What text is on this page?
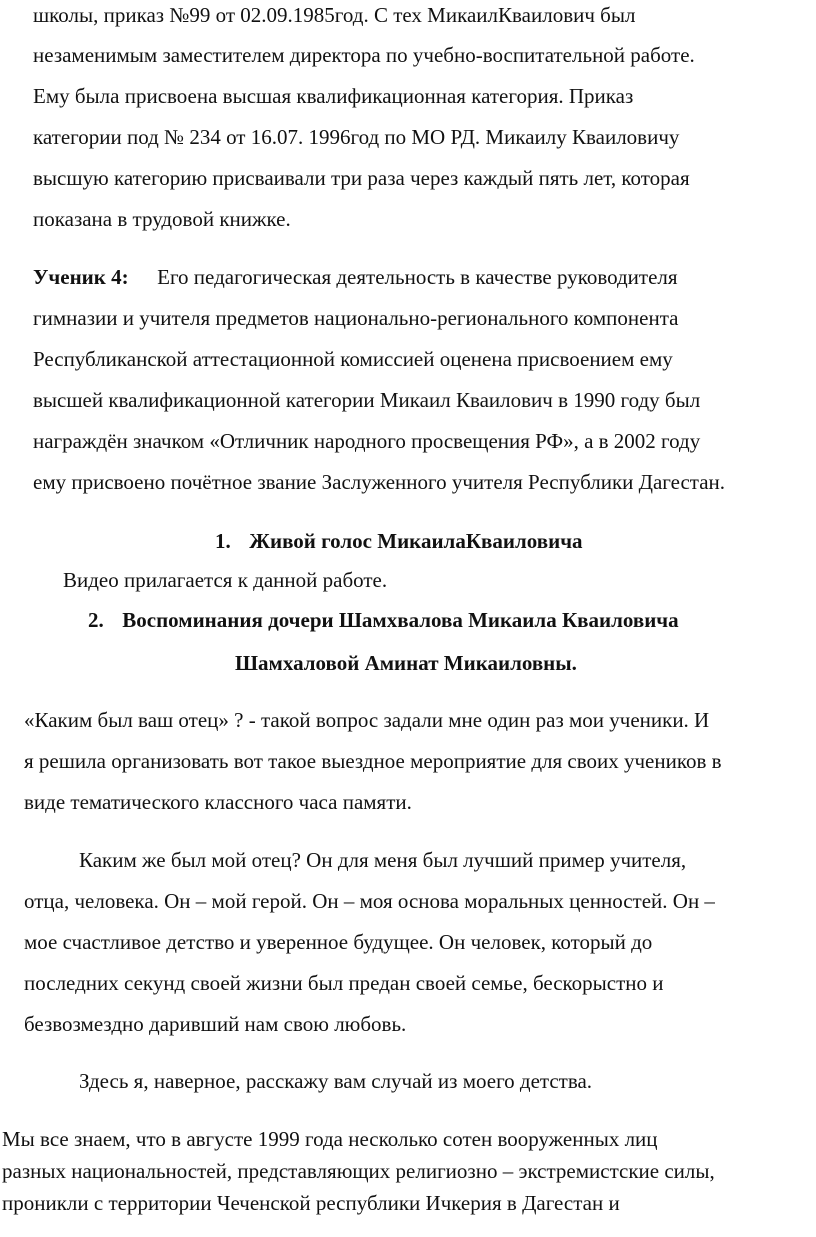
школы, приказ №99 от 02.09.1985год. С тех МикаилКваилович был
незаменимым заместителем директора по учебно-воспитательной работе.
Ему была присвоена высшая квалификационная категория. Приказ
категории под № 234 от 16.07. 1996год по МО РД. Микаилу Кваиловичу
высшую категорию присваивали три раза через каждый пять лет, которая
показана в трудовой книжке.
Ученик 4: Его педагогическая деятельность в качестве руководителя
гимназии и учителя предметов национально-регионального компонента
Республиканской аттестационной комиссией оценена присвоением ему
высшей квалификационной категории Микаил Кваилович в 1990 году был
награждён значком «Отличник народного просвещения РФ», а в 2002 году
ему присвоено почётное звание Заслуженного учителя Республики Дагестан.
1. Живой голос МикаилаКваиловича
Видео прилагается к данной работе.
2. Воспоминания дочери Шамхвалова Микаила Кваиловича
Шамхаловой Аминат Микаиловны.
«Каким был ваш отец» ? - такой вопрос задали мне один раз мои ученики. И
я решила организовать вот такое выездное мероприятие для своих учеников в
виде тематического классного часа памяти.
Каким же был мой отец? Он для меня был лучший пример учителя,
отца, человека. Он – мой герой. Он – моя основа моральных ценностей. Он –
мое счастливое детство и уверенное будущее. Он человек, который до
последних секунд своей жизни был предан своей семье, бескорыстно и
безвозмездно даривший нам свою любовь.
Здесь я, наверное, расскажу вам случай из моего детства.
Мы все знаем, что в августе 1999 года несколько сотен вооруженных лиц
разных национальностей, представляющих религиозно – экстремистские силы,
проникли с территории Чеченской республики Ичкерия в Дагестан и
